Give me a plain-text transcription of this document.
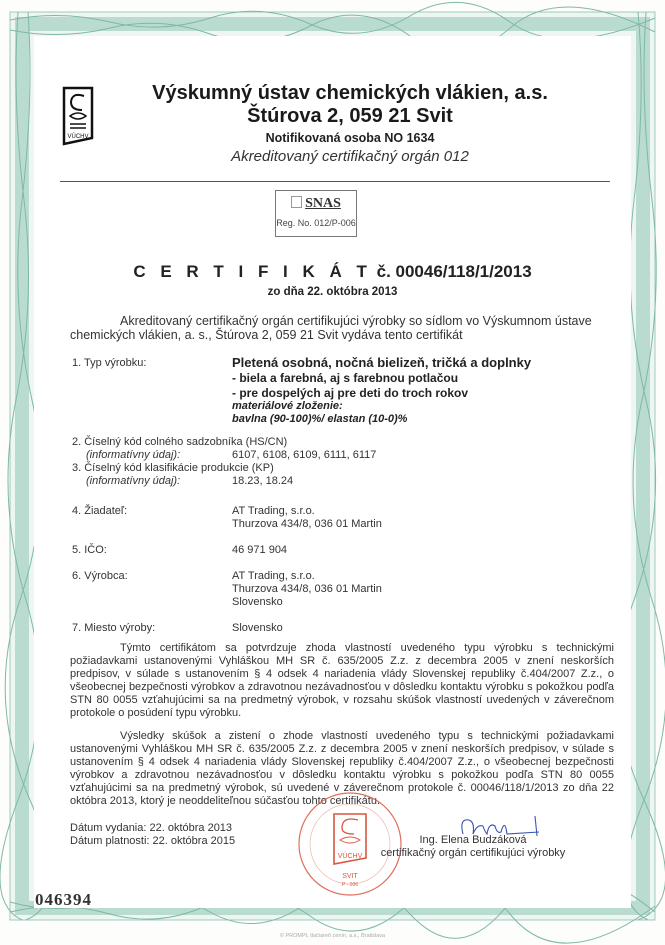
VÚCHV
Výskumný ústav chemických vlákien, a.s.
Štúrova 2, 059 21 Svit
Notifikovaná osoba NO 1634
Akreditovaný certifikačný orgán 012
SNAS
Reg. No. 012/P-006
C E R T I F I K Á T č. 00046/118/1/2013
zo dňa 22. októbra 2013
Akreditovaný certifikačný orgán certifikujúci výrobky so sídlom vo Výskumnom ústave chemických vlákien, a. s., Štúrova 2, 059 21 Svit vydáva tento certifikát
1. Typ výrobku:	Pletená osobná, nočná bielizeň, tričká a doplnky
- biela a farebná, aj s farebnou potlačou
- pre dospelých aj pre deti do troch rokov
materiálové zloženie:
bavlna (90-100)%/ elastan (10-0)%
2. Číselný kód colného sadzobníka (HS/CN)
(informatívny údaj):	6107, 6108, 6109, 6111, 6117
3. Číselný kód klasifikácie produkcie (KP)
(informatívny údaj):	18.23, 18.24
4. Žiadateľ:	AT Trading, s.r.o.
Thurzova 434/8, 036 01 Martin
5. IČO:	46 971 904
6. Výrobca:	AT Trading, s.r.o.
Thurzova 434/8, 036 01 Martin
Slovensko
7. Miesto výroby:	Slovensko
Týmto certifikátom sa potvrdzuje zhoda vlastností uvedeného typu výrobku s technickými požiadavkami ustanovenými Vyhláškou MH SR č. 635/2005 Z.z. z decembra 2005 v znení neskorších predpisov, v súlade s ustanovením § 4 odsek 4 nariadenia vlády Slovenskej republiky č.404/2007 Z.z., o všeobecnej bezpečnosti výrobkov a zdravotnou nezávadnosťou v dôsledku kontaktu výrobku s pokožkou podľa STN 80 0055 vzťahujúcimi sa na predmetný výrobok, v rozsahu skúšok vlastností uvedených v záverečnom protokole o posúdení typu výrobku.
Výsledky skúšok a zistení o zhode vlastností uvedeného typu s technickými požiadavkami ustanovenými Vyhláškou MH SR č. 635/2005 Z.z. z decembra 2005 v znení neskorších predpisov, v súlade s ustanovením § 4 odsek 4 nariadenia vlády Slovenskej republiky č.404/2007 Z.z., o všeobecnej bezpečnosti výrobkov a zdravotnou nezávadnosťou v dôsledku kontaktu výrobku s pokožkou podľa STN 80 0055 vzťahujúcimi sa na predmetný výrobok, sú uvedené v záverečnom protokole č. 00046/118/1/2013 zo dňa 22 októbra 2013, ktorý je neoddeliteľnou súčasťou tohto certifikátu.
Dátum vydania: 22. októbra 2013
Dátum platnosti: 22. októbra 2015
VÚCHV
SVIT
P - 006
Ing. Elena Budzáková
certifikačný orgán certifikujúci výrobky
046394
© PROMPt, tlačiareň cenín, a.s., Bratislava
